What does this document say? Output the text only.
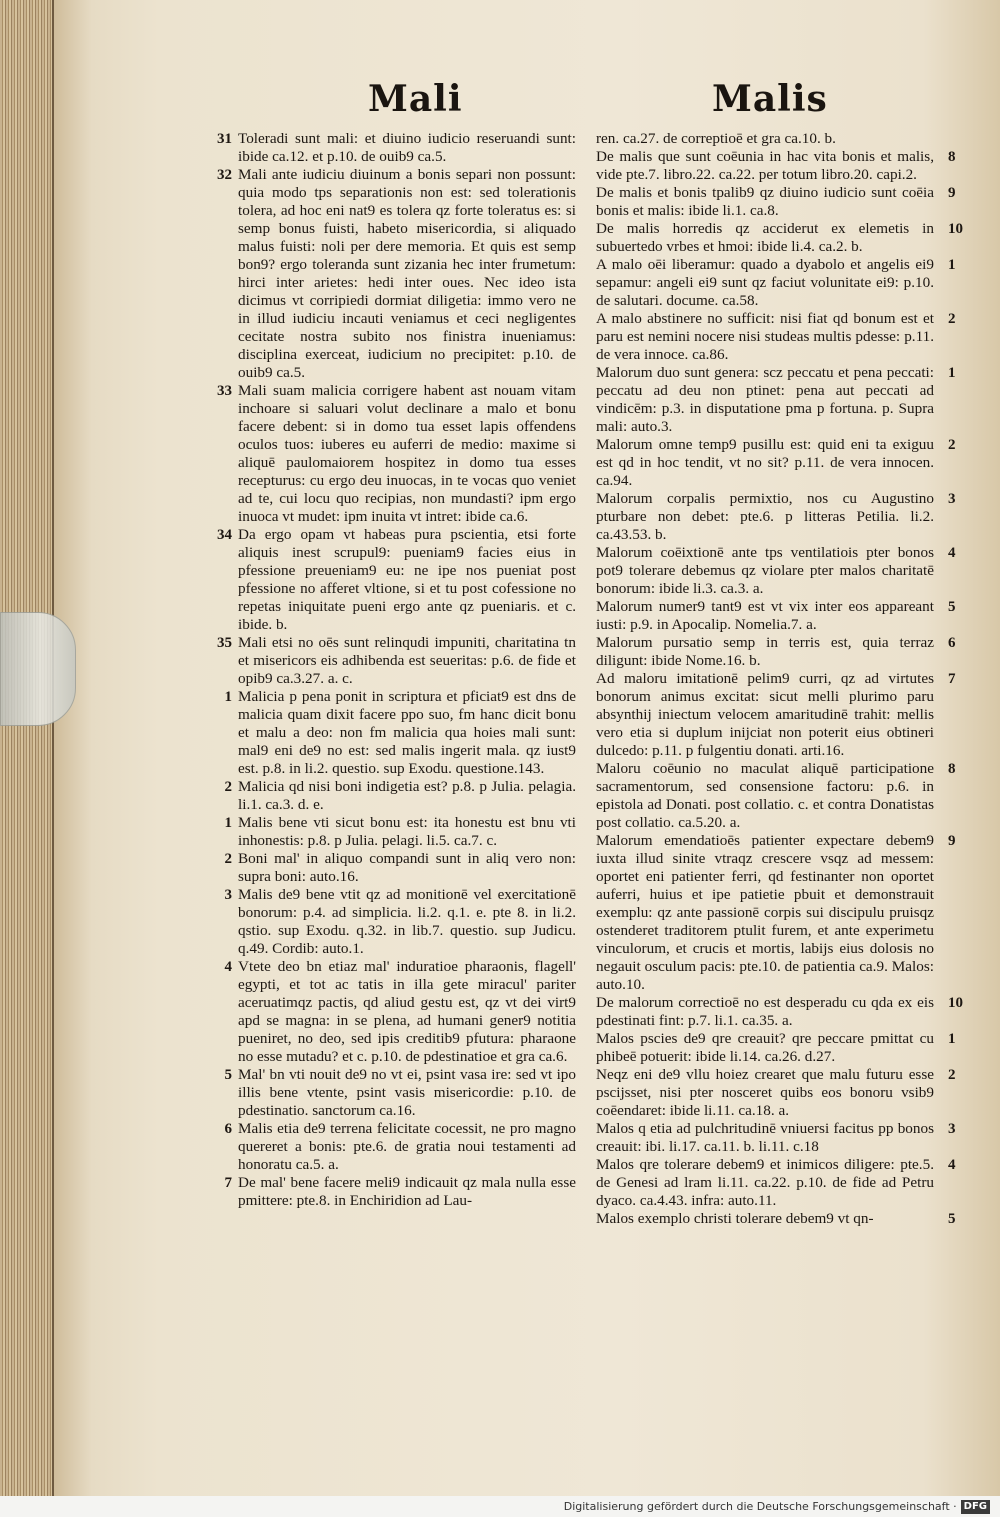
Mali	Malis
31 Toleradi sunt mali: et diuino iudicio reseruandi sunt: ibide ca.12. et p.10. de ouib9 ca.5.
32 Mali ante iudiciu diuinum a bonis separi non possunt: quia modo tps separationis non est: sed tolerationis tolera, ad hoc eni nat9 es tolera qz forte toleratus es: si semp bonus fuisti, habeto misericordia, si aliquado malus fuisti: noli per dere memoria. Et quis est semp bon9? ergo toleranda sunt zizania hec inter frumetum: hirci inter arietes: hedi inter oues. Nec ideo ista dicimus vt corripiedi dormiat diligetia: immo vero ne in illud iudiciu incauti veniamus et ceci negligentes cecitate nostra subito nos finistra inueniamus: disciplina exerceat, iudicium no precipitet: p.10. de ouib9 ca.5.
33 Mali suam malicia corrigere habent ast nouam vitam inchoare si saluari volut declinare a malo et bonu facere debent: si in domo tua esset lapis offendens oculos tuos: iuberes eu auferri de medio: maxime si aliquē paulomaiorem hospitez in domo tua esses recepturus: cu ergo deu inuocas, in te vocas quo veniet ad te, cui locu quo recipias, non mundasti? ipm ergo inuoca vt mudet: ipm inuita vt intret: ibide ca.6.
34 Da ergo opam vt habeas pura pscientia, etsi forte aliquis inest scrupul9: pueniam9 facies eius in pfessione preueniam9 eu: ne ipe nos pueniat post pfessione no afferet vltione, si et tu post cofessione no repetas iniquitate pueni ergo ante qz pueniaris. et c. ibide. b.
35 Mali etsi no oēs sunt relinqudi impuniti, charitatina tn et misericors eis adhibenda est seueritas: p.6. de fide et opib9 ca.3.27. a. c.
1 Malicia p pena ponit in scriptura et pficiat9 est dns de malicia quam dixit facere ppo suo, fm hanc dicit bonu et malu a deo: non fm malicia qua hoies mali sunt: mal9 eni de9 no est: sed malis ingerit mala. qz iust9 est. p.8. in li.2. questio. sup Exodu. questione.143.
2 Malicia qd nisi boni indigetia est? p.8. p Julia. pelagia. li.1. ca.3. d. e.
1 Malis bene vti sicut bonu est: ita honestu est bnu vti inhonestis: p.8. p Julia. pelagi. li.5. ca.7. c.
2 Boni mal' in aliquo compandi sunt in aliq vero non: supra boni: auto.16.
3 Malis de9 bene vtit qz ad monitionē vel exercitationē bonorum: p.4. ad simplicia. li.2. q.1. e. pte 8. in li.2. qstio. sup Exodu. q.32. in lib.7. questio. sup Judicu. q.49. Cordib: auto.1.
4 Vtete deo bn etiaz mal' induratioe pharaonis, flagell' egypti, et tot ac tatis in illa gete miracul' pariter aceruatimqz pactis, qd aliud gestu est, qz vt dei virt9 apd se magna: in se plena, ad humani gener9 notitia pueniret, no deo, sed ipis creditib9 pfutura: pharaone no esse mutadu? et c. p.10. de pdestinatioe et gra ca.6.
5 Mal' bn vti nouit de9 no vt ei, psint vasa ire: sed vt ipo illis bene vtente, psint vasis misericordie: p.10. de pdestinatio. sanctorum ca.16.
6 Malis etia de9 terrena felicitate cocessit, ne pro magno quereret a bonis: pte.6. de gratia noui testamenti ad honoratu ca.5. a.
7 De mal' bene facere meli9 indicauit qz mala nulla esse pmittere: pte.8. in Enchiridion ad Lau-
ren. ca.27. de correptioē et gra ca.10. b.
8
De malis que sunt coēunia in hac vita bonis et malis, vide pte.7. libro.22. ca.22. per totum libro.20. capi.2.
9
De malis et bonis tpalib9 qz diuino iudicio sunt coēia bonis et malis: ibide li.1. ca.8.
10
De malis horredis qz acciderut ex elemetis in subuertedo vrbes et hmoi: ibide li.4. ca.2. b.
1
A malo oēi liberamur: quado a dyabolo et angelis ei9 sepamur: angeli ei9 sunt qz faciut volunitate ei9: p.10. de salutari. docume. ca.58.
2
A malo abstinere no sufficit: nisi fiat qd bonum est et paru est nemini nocere nisi studeas multis pdesse: p.11. de vera innoce. ca.86.
1
Malorum duo sunt genera: scz peccatu et pena peccati: peccatu ad deu non ptinet: pena aut peccati ad vindicēm: p.3. in disputatione pma p fortuna. p. Supra mali: auto.3.
2
Malorum omne temp9 pusillu est: quid eni ta exiguu est qd in hoc tendit, vt no sit? p.11. de vera innocen. ca.94.
3
Malorum corpalis permixtio, nos cu Augustino pturbare non debet: pte.6. p litteras Petilia. li.2. ca.43.53. b.
4
Malorum coēixtionē ante tps ventilatiois pter bonos pot9 tolerare debemus qz violare pter malos charitatē bonorum: ibide li.3. ca.3. a.
5
Malorum numer9 tant9 est vt vix inter eos appareant iusti: p.9. in Apocalip. Nomelia.7. a.
6
Malorum pursatio semp in terris est, quia terraz diligunt: ibide Nome.16. b.
7
Ad maloru imitationē pelim9 curri, qz ad virtutes bonorum animus excitat: sicut melli plurimo paru absynthij iniectum velocem amaritudinē trahit: mellis vero etia si duplum inijciat non poterit eius obtineri dulcedo: p.11. p fulgentiu donati. arti.16.
8
Maloru coēunio no maculat aliquē participatione sacramentorum, sed consensione factoru: p.6. in epistola ad Donati. post collatio. c. et contra Donatistas post collatio. ca.5.20. a.
9
Malorum emendatioēs patienter expectare debem9 iuxta illud sinite vtraqz crescere vsqz ad messem: oportet eni patienter ferri, qd festinanter non oportet auferri, huius et ipe patietie pbuit et demonstrauit exemplu: qz ante passionē corpis sui discipulu pruisqz ostenderet traditorem ptulit furem, et ante experimetu vinculorum, et crucis et mortis, labijs eius dolosis no negauit osculum pacis: pte.10. de patientia ca.9. Malos: auto.10.
10
De malorum correctioē no est desperadu cu qda ex eis pdestinati fint: p.7. li.1. ca.35. a.
1
Malos pscies de9 qre creauit? qre peccare pmittat cu phibeē potuerit: ibide li.14. ca.26. d.27.
2
Neqz eni de9 vllu hoiez crearet que malu futuru esse pscijsset, nisi pter nosceret quibs eos bonoru vsib9 coēendaret: ibide li.11. ca.18. a.
3
Malos q etia ad pulchritudinē vniuersi facitus pp bonos creauit: ibi. li.17. ca.11. b. li.11. c.18
4
Malos qre tolerare debem9 et inimicos diligere: pte.5. de Genesi ad lram li.11. ca.22. p.10. de fide ad Petru dyaco. ca.4.43. infra: auto.11.
5
Malos exemplo christi tolerare debem9 vt qn-
Digitalisierung gefördert durch die Deutsche Forschungsgemeinschaft · DFG
